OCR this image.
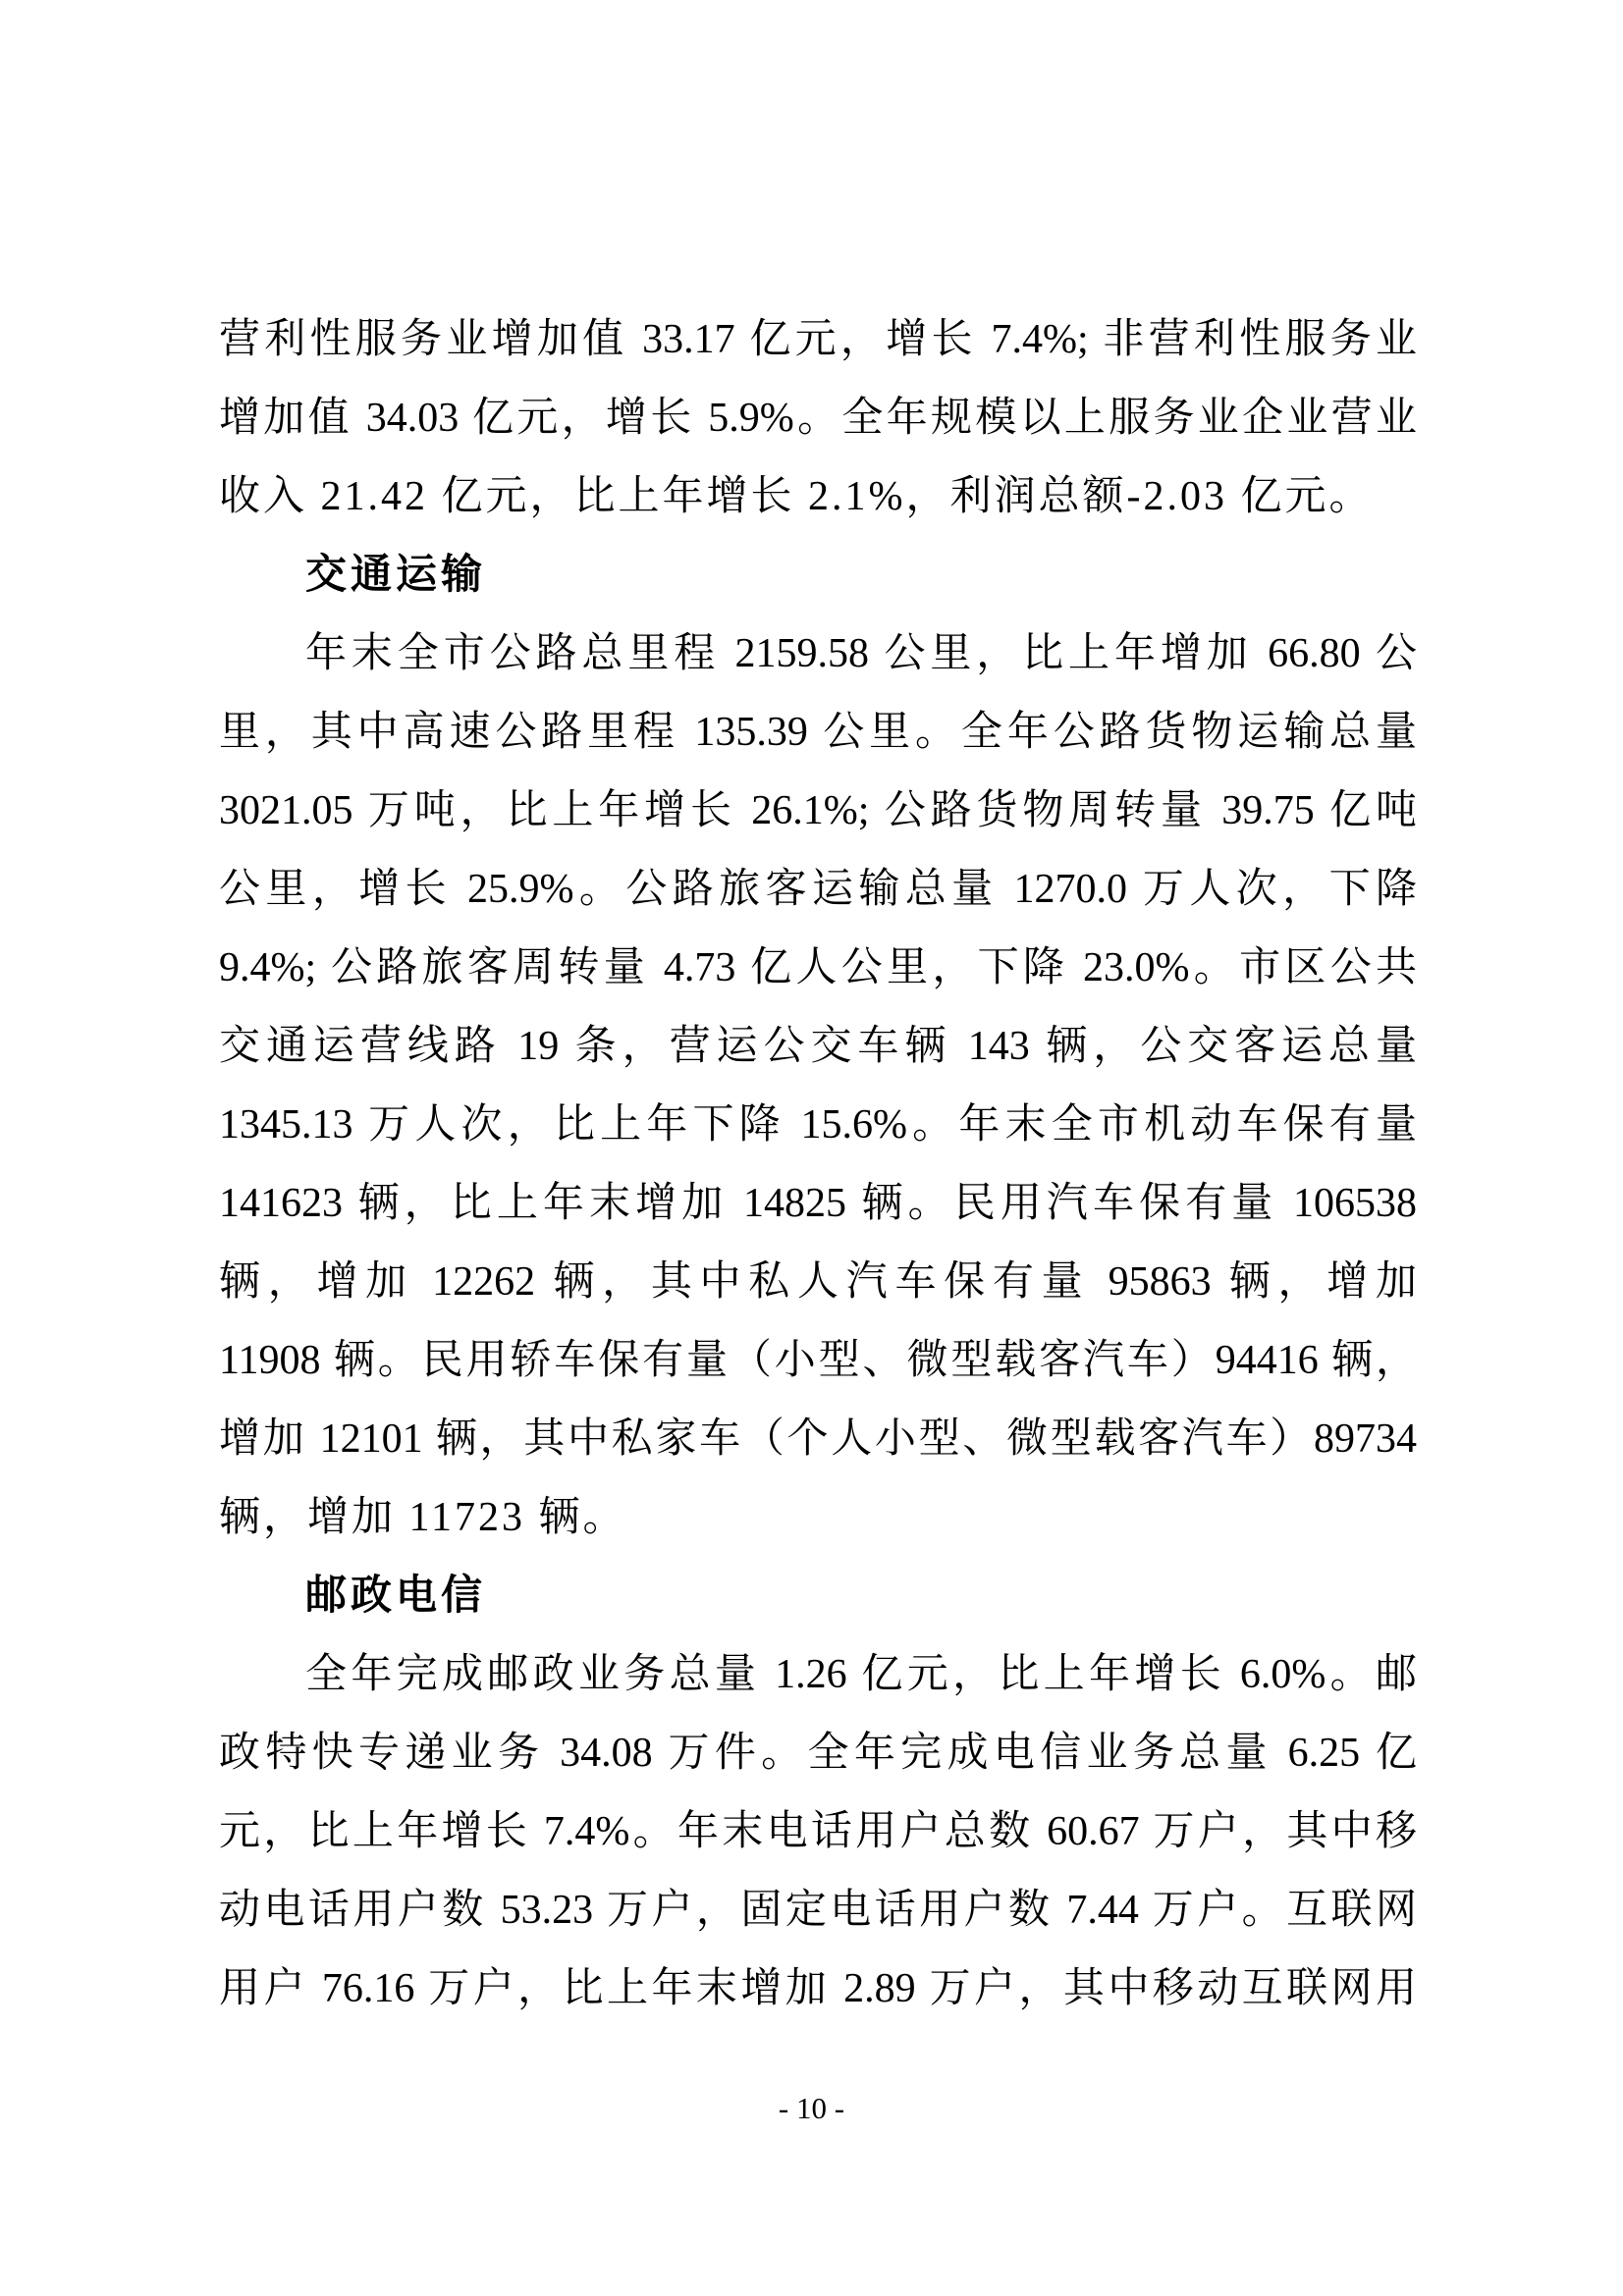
营利性服务业增加值 33.17 亿元，增长 7.4%; 非营利性服务业
增加值 34.03 亿元，增长 5.9%。全年规模以上服务业企业营业
收入 21.42 亿元，比上年增长 2.1%，利润总额-2.03 亿元。
交通运输
年末全市公路总里程 2159.58 公里，比上年增加 66.80 公
里，其中高速公路里程 135.39 公里。全年公路货物运输总量
3021.05 万吨，比上年增长 26.1%; 公路货物周转量 39.75 亿吨
公里，增长 25.9%。公路旅客运输总量 1270.0 万人次，下降
9.4%; 公路旅客周转量 4.73 亿人公里，下降 23.0%。市区公共
交通运营线路 19 条，营运公交车辆 143 辆，公交客运总量
1345.13 万人次，比上年下降 15.6%。年末全市机动车保有量
141623 辆，比上年末增加 14825 辆。民用汽车保有量 106538
辆，增加 12262 辆，其中私人汽车保有量 95863 辆，增加
11908 辆。民用轿车保有量（小型、微型载客汽车）94416 辆，
增加 12101 辆，其中私家车（个人小型、微型载客汽车）89734
辆，增加 11723 辆。
邮政电信
全年完成邮政业务总量 1.26 亿元，比上年增长 6.0%。邮
政特快专递业务 34.08 万件。全年完成电信业务总量 6.25 亿
元，比上年增长 7.4%。年末电话用户总数 60.67 万户，其中移
动电话用户数 53.23 万户，固定电话用户数 7.44 万户。互联网
用户 76.16 万户，比上年末增加 2.89 万户，其中移动互联网用
- 10 -
